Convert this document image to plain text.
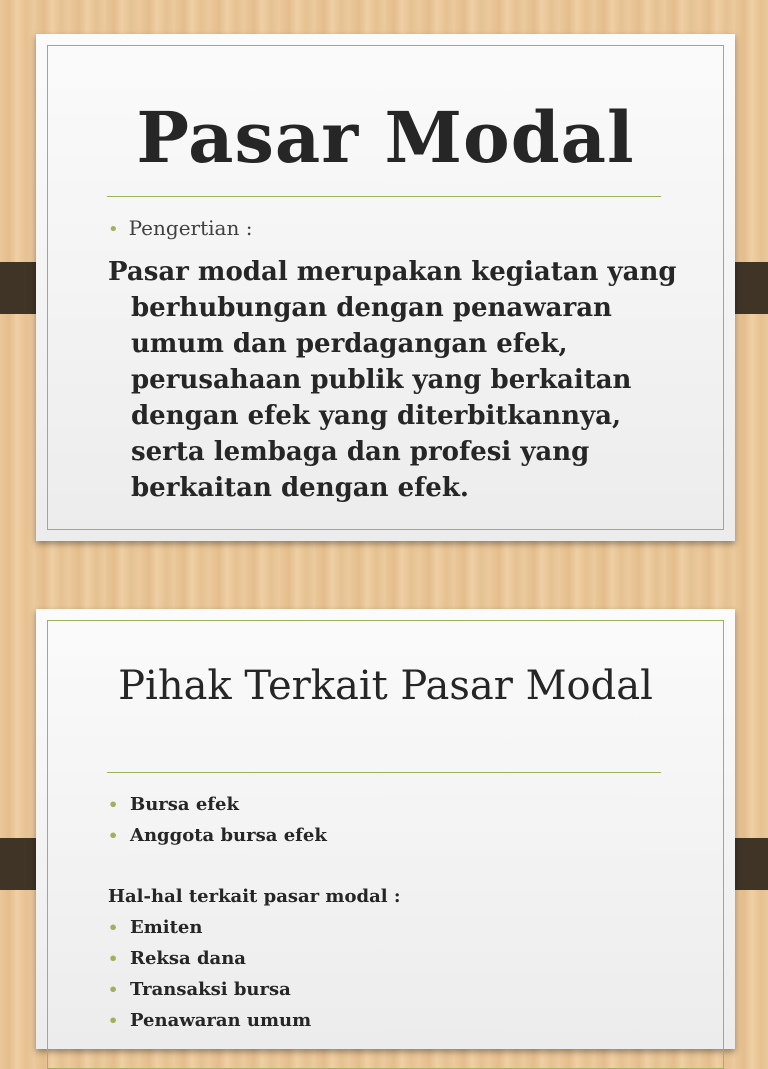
Pasar Modal
• Pengertian :

Pasar modal merupakan kegiatan yang berhubungan dengan penawaran umum dan perdagangan efek, perusahaan publik yang berkaitan dengan efek yang diterbitkannya, serta lembaga dan profesi yang berkaitan dengan efek.

Pihak Terkait Pasar Modal
• Bursa efek
• Anggota bursa efek
Hal-hal terkait pasar modal :
• Emiten
• Reksa dana
• Transaksi bursa
• Penawaran umum
